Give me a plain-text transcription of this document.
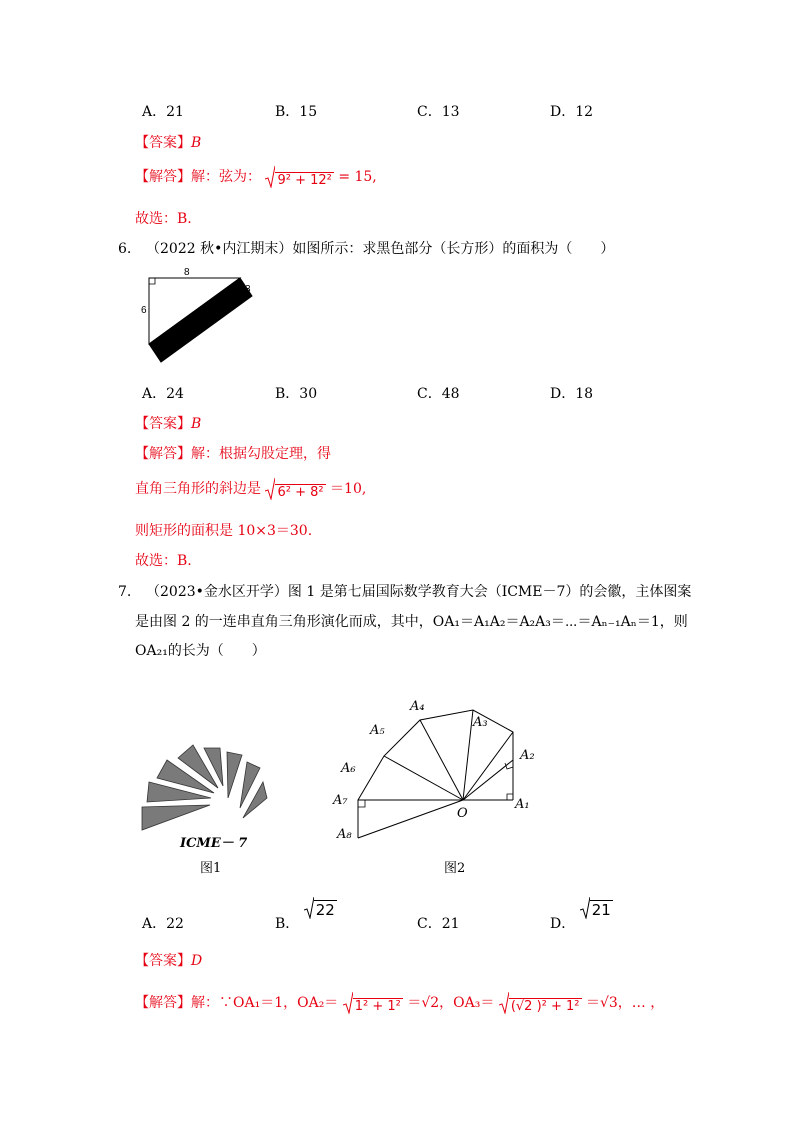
A．21	B．15	C．13	D．12
【答案】B
【解答】解：弦为： 9² + 12² = 15,
故选：B.
6. （2022 秋•内江期末）如图所示：求黑色部分（长方形）的面积为（　　）
8
6
3
A．24	B．30	C．48	D．18
【答案】B
【解答】解：根据勾股定理，得
直角三角形的斜边是 6² + 8² ＝10,
则矩形的面积是 10×3＝30.
故选：B.
7. （2023•金水区开学）图 1 是第七届国际数学教育大会（ICME－7）的会徽，主体图案
是由图 2 的一连串直角三角形演化而成，其中，OA₁＝A₁A₂＝A₂A₃＝⋯＝Aₙ₋₁Aₙ＝1，则
OA₂₁的长为（　　）
ICME－ 7
图1
A₁
A₂
A₃
A₄
A₅
A₆
A₇
A₈
O
图2
A．22	B．
22
C．21	D．
21
【答案】D
【解答】解：∵OA₁＝1，OA₂＝ 1² + 1² ＝√2，OA₃＝ (√2 )² + 1² ＝√3，… ，
